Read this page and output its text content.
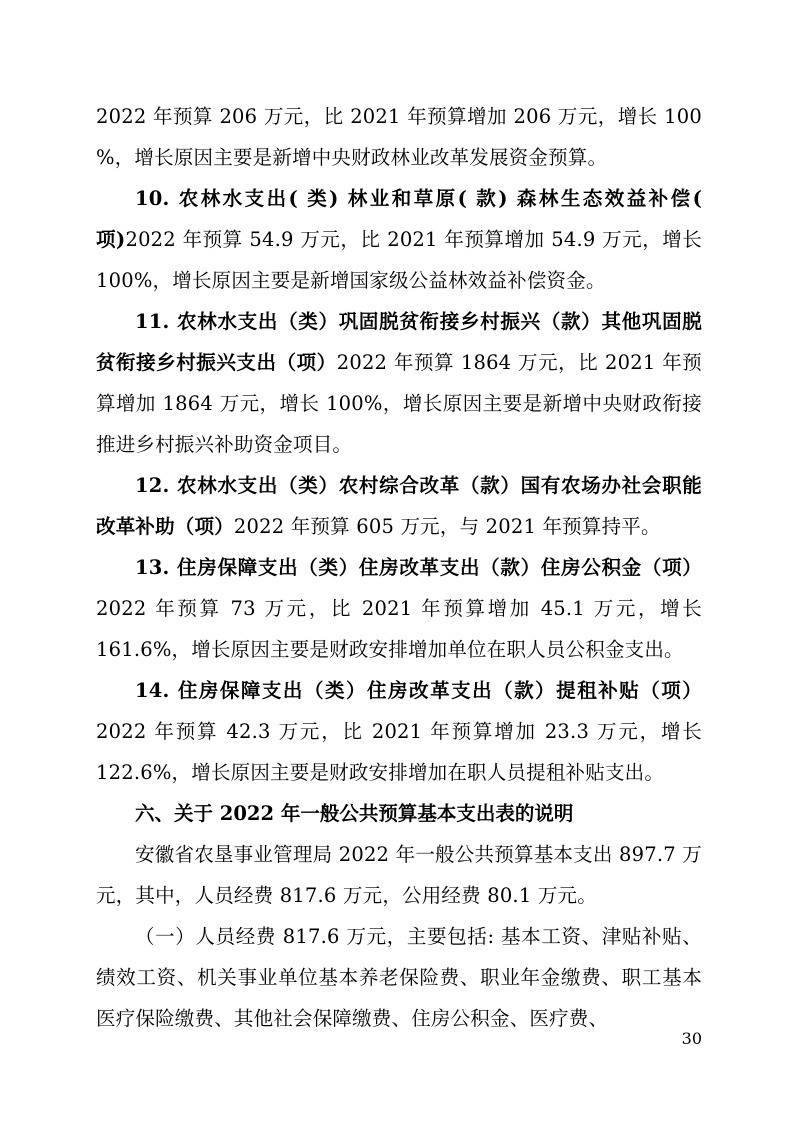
2022 年预算 206 万元，比 2021 年预算增加 206 万元，增长 100 %，增长原因主要是新增中央财政林业改革发展资金预算。

10. 农林水支出( 类) 林业和草原( 款) 森林生态效益补偿( 项)2022 年预算 54.9 万元，比 2021 年预算增加 54.9 万元，增长 100%，增长原因主要是新增国家级公益林效益补偿资金。

11. 农林水支出（类）巩固脱贫衔接乡村振兴（款）其他巩固脱贫衔接乡村振兴支出（项）2022 年预算 1864 万元，比 2021 年预算增加 1864 万元，增长 100%，增长原因主要是新增中央财政衔接推进乡村振兴补助资金项目。

12. 农林水支出（类）农村综合改革（款）国有农场办社会职能改革补助（项）2022 年预算 605 万元，与 2021 年预算持平。

13. 住房保障支出（类）住房改革支出（款）住房公积金（项）2022 年预算 73 万元，比 2021 年预算增加 45.1 万元，增长 161.6%，增长原因主要是财政安排增加单位在职人员公积金支出。

14. 住房保障支出（类）住房改革支出（款）提租补贴（项）2022 年预算 42.3 万元，比 2021 年预算增加 23.3 万元，增长 122.6%，增长原因主要是财政安排增加在职人员提租补贴支出。

六、关于 2022 年一般公共预算基本支出表的说明

安徽省农垦事业管理局 2022 年一般公共预算基本支出 897.7 万元，其中，人员经费 817.6 万元，公用经费 80.1 万元。

（一）人员经费 817.6 万元，主要包括: 基本工资、津贴补贴、绩效工资、机关事业单位基本养老保险费、职业年金缴费、职工基本医疗保险缴费、其他社会保障缴费、住房公积金、医疗费、

30
